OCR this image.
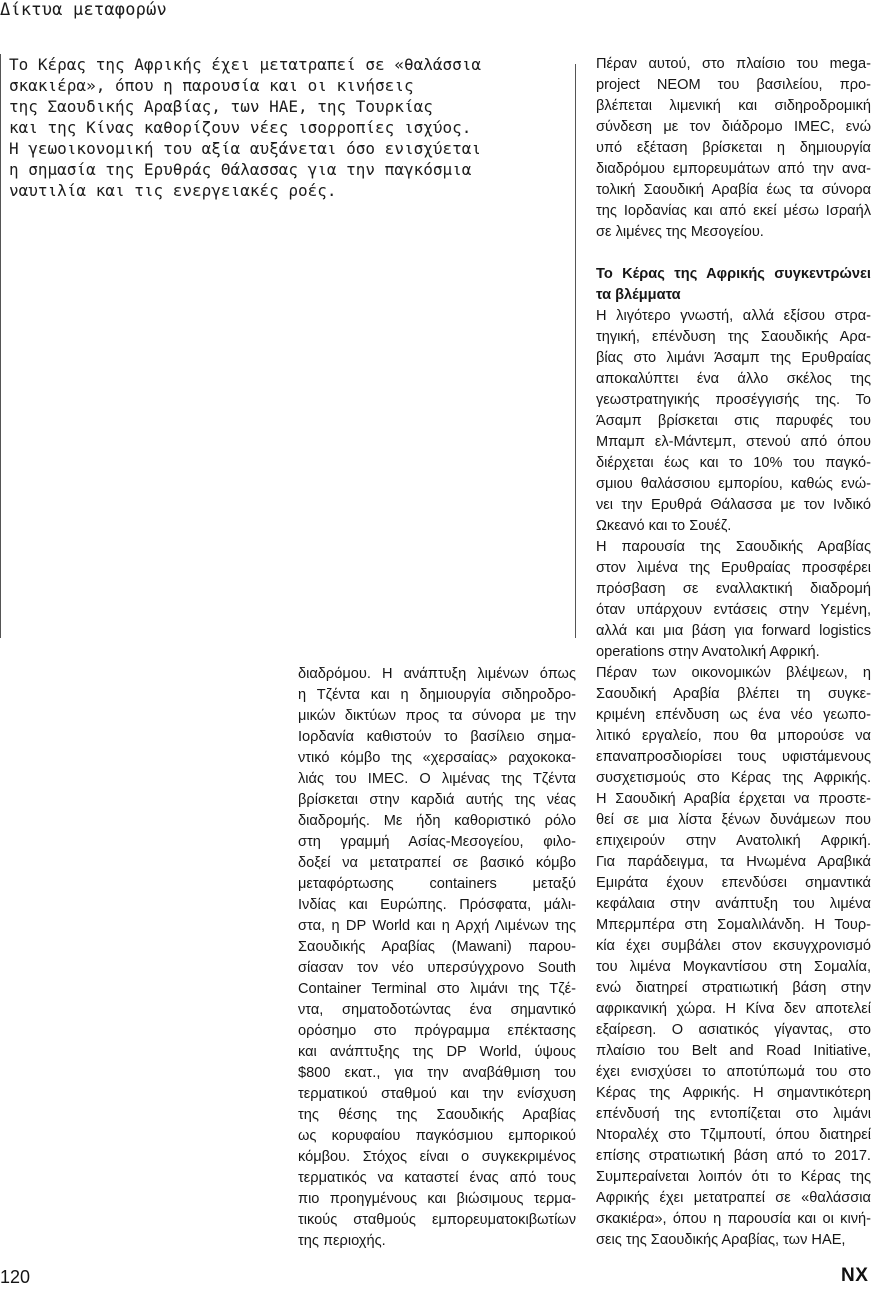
Δίκτυα μεταφορών
Το Κέρας της Αφρικής έχει μετατραπεί σε «θαλάσσια
σκακιέρα», όπου η παρουσία και οι κινήσεις
της Σαουδικής Αραβίας, των ΗΑΕ, της Τουρκίας
και της Κίνας καθορίζουν νέες ισορροπίες ισχύος.
Η γεωοικονομική του αξία αυξάνεται όσο ενισχύεται
η σημασία της Ερυθράς Θάλασσας για την παγκόσμια
ναυτιλία και τις ενεργειακές ροές.
διαδρόμου. Η ανάπτυξη λιμένων όπως
η Τζέντα και η δημιουργία σιδηροδρο-
μικών δικτύων προς τα σύνορα με την
Ιορδανία καθιστούν το βασίλειο σημα-
ντικό κόμβο της «χερσαίας» ραχοκοκα-
λιάς του IMEC. Ο λιμένας της Τζέντα
βρίσκεται στην καρδιά αυτής της νέας
διαδρομής. Με ήδη καθοριστικό ρόλο
στη γραμμή Ασίας-Μεσογείου, φιλο-
δοξεί να μετατραπεί σε βασικό κόμβο
μεταφόρτωσης containers μεταξύ
Ινδίας και Ευρώπης. Πρόσφατα, μάλι-
στα, η DP World και η Αρχή Λιμένων της
Σαουδικής Αραβίας (Mawani) παρου-
σίασαν τον νέο υπερσύγχρονο South
Container Terminal στο λιμάνι της Τζέ-
ντα, σηματοδοτώντας ένα σημαντικό
ορόσημο στο πρόγραμμα επέκτασης
και ανάπτυξης της DP World, ύψους
$800 εκατ., για την αναβάθμιση του
τερματικού σταθμού και την ενίσχυση
της θέσης της Σαουδικής Αραβίας
ως κορυφαίου παγκόσμιου εμπορικού
κόμβου. Στόχος είναι ο συγκεκριμένος
τερματικός να καταστεί ένας από τους
πιο προηγμένους και βιώσιμους τερμα-
τικούς σταθμούς εμπορευματοκιβωτίων
της περιοχής.
Πέραν αυτού, στο πλαίσιο του mega-
project NEOM του βασιλείου, προ-
βλέπεται λιμενική και σιδηροδρομική
σύνδεση με τον διάδρομο IMEC, ενώ
υπό εξέταση βρίσκεται η δημιουργία
διαδρόμου εμπορευμάτων από την ανα-
τολική Σαουδική Αραβία έως τα σύνορα
της Ιορδανίας και από εκεί μέσω Ισραήλ
σε λιμένες της Μεσογείου.
Το Κέρας της Αφρικής συγκεντρώνει
τα βλέμματα
Η λιγότερο γνωστή, αλλά εξίσου στρα-
τηγική, επένδυση της Σαουδικής Αρα-
βίας στο λιμάνι Άσαμπ της Ερυθραίας
αποκαλύπτει ένα άλλο σκέλος της
γεωστρατηγικής προσέγγισής της. Το
Άσαμπ βρίσκεται στις παρυφές του
Μπαμπ ελ-Μάντεμπ, στενού από όπου
διέρχεται έως και το 10% του παγκό-
σμιου θαλάσσιου εμπορίου, καθώς ενώ-
νει την Ερυθρά Θάλασσα με τον Ινδικό
Ωκεανό και το Σουέζ.
Η παρουσία της Σαουδικής Αραβίας
στον λιμένα της Ερυθραίας προσφέρει
πρόσβαση σε εναλλακτική διαδρομή
όταν υπάρχουν εντάσεις στην Υεμένη,
αλλά και μια βάση για forward logistics
operations στην Ανατολική Αφρική.
Πέραν των οικονομικών βλέψεων, η
Σαουδική Αραβία βλέπει τη συγκε-
κριμένη επένδυση ως ένα νέο γεωπο-
λιτικό εργαλείο, που θα μπορούσε να
επαναπροσδιορίσει τους υφιστάμενους
συσχετισμούς στο Κέρας της Αφρικής.
Η Σαουδική Αραβία έρχεται να προστε-
θεί σε μια λίστα ξένων δυνάμεων που
επιχειρούν στην Ανατολική Αφρική.
Για παράδειγμα, τα Ηνωμένα Αραβικά
Εμιράτα έχουν επενδύσει σημαντικά
κεφάλαια στην ανάπτυξη του λιμένα
Μπερμπέρα στη Σομαλιλάνδη. Η Τουρ-
κία έχει συμβάλει στον εκσυγχρονισμό
του λιμένα Μογκαντίσου στη Σομαλία,
ενώ διατηρεί στρατιωτική βάση στην
αφρικανική χώρα. Η Κίνα δεν αποτελεί
εξαίρεση. Ο ασιατικός γίγαντας, στο
πλαίσιο του Belt and Road Initiative,
έχει ενισχύσει το αποτύπωμά του στο
Κέρας της Αφρικής. Η σημαντικότερη
επένδυσή της εντοπίζεται στο λιμάνι
Ντοραλέχ στο Τζιμπουτί, όπου διατηρεί
επίσης στρατιωτική βάση από το 2017.
Συμπεραίνεται λοιπόν ότι το Κέρας της
Αφρικής έχει μετατραπεί σε «θαλάσσια
σκακιέρα», όπου η παρουσία και οι κινή-
σεις της Σαουδικής Αραβίας, των ΗΑΕ,
120	NX
